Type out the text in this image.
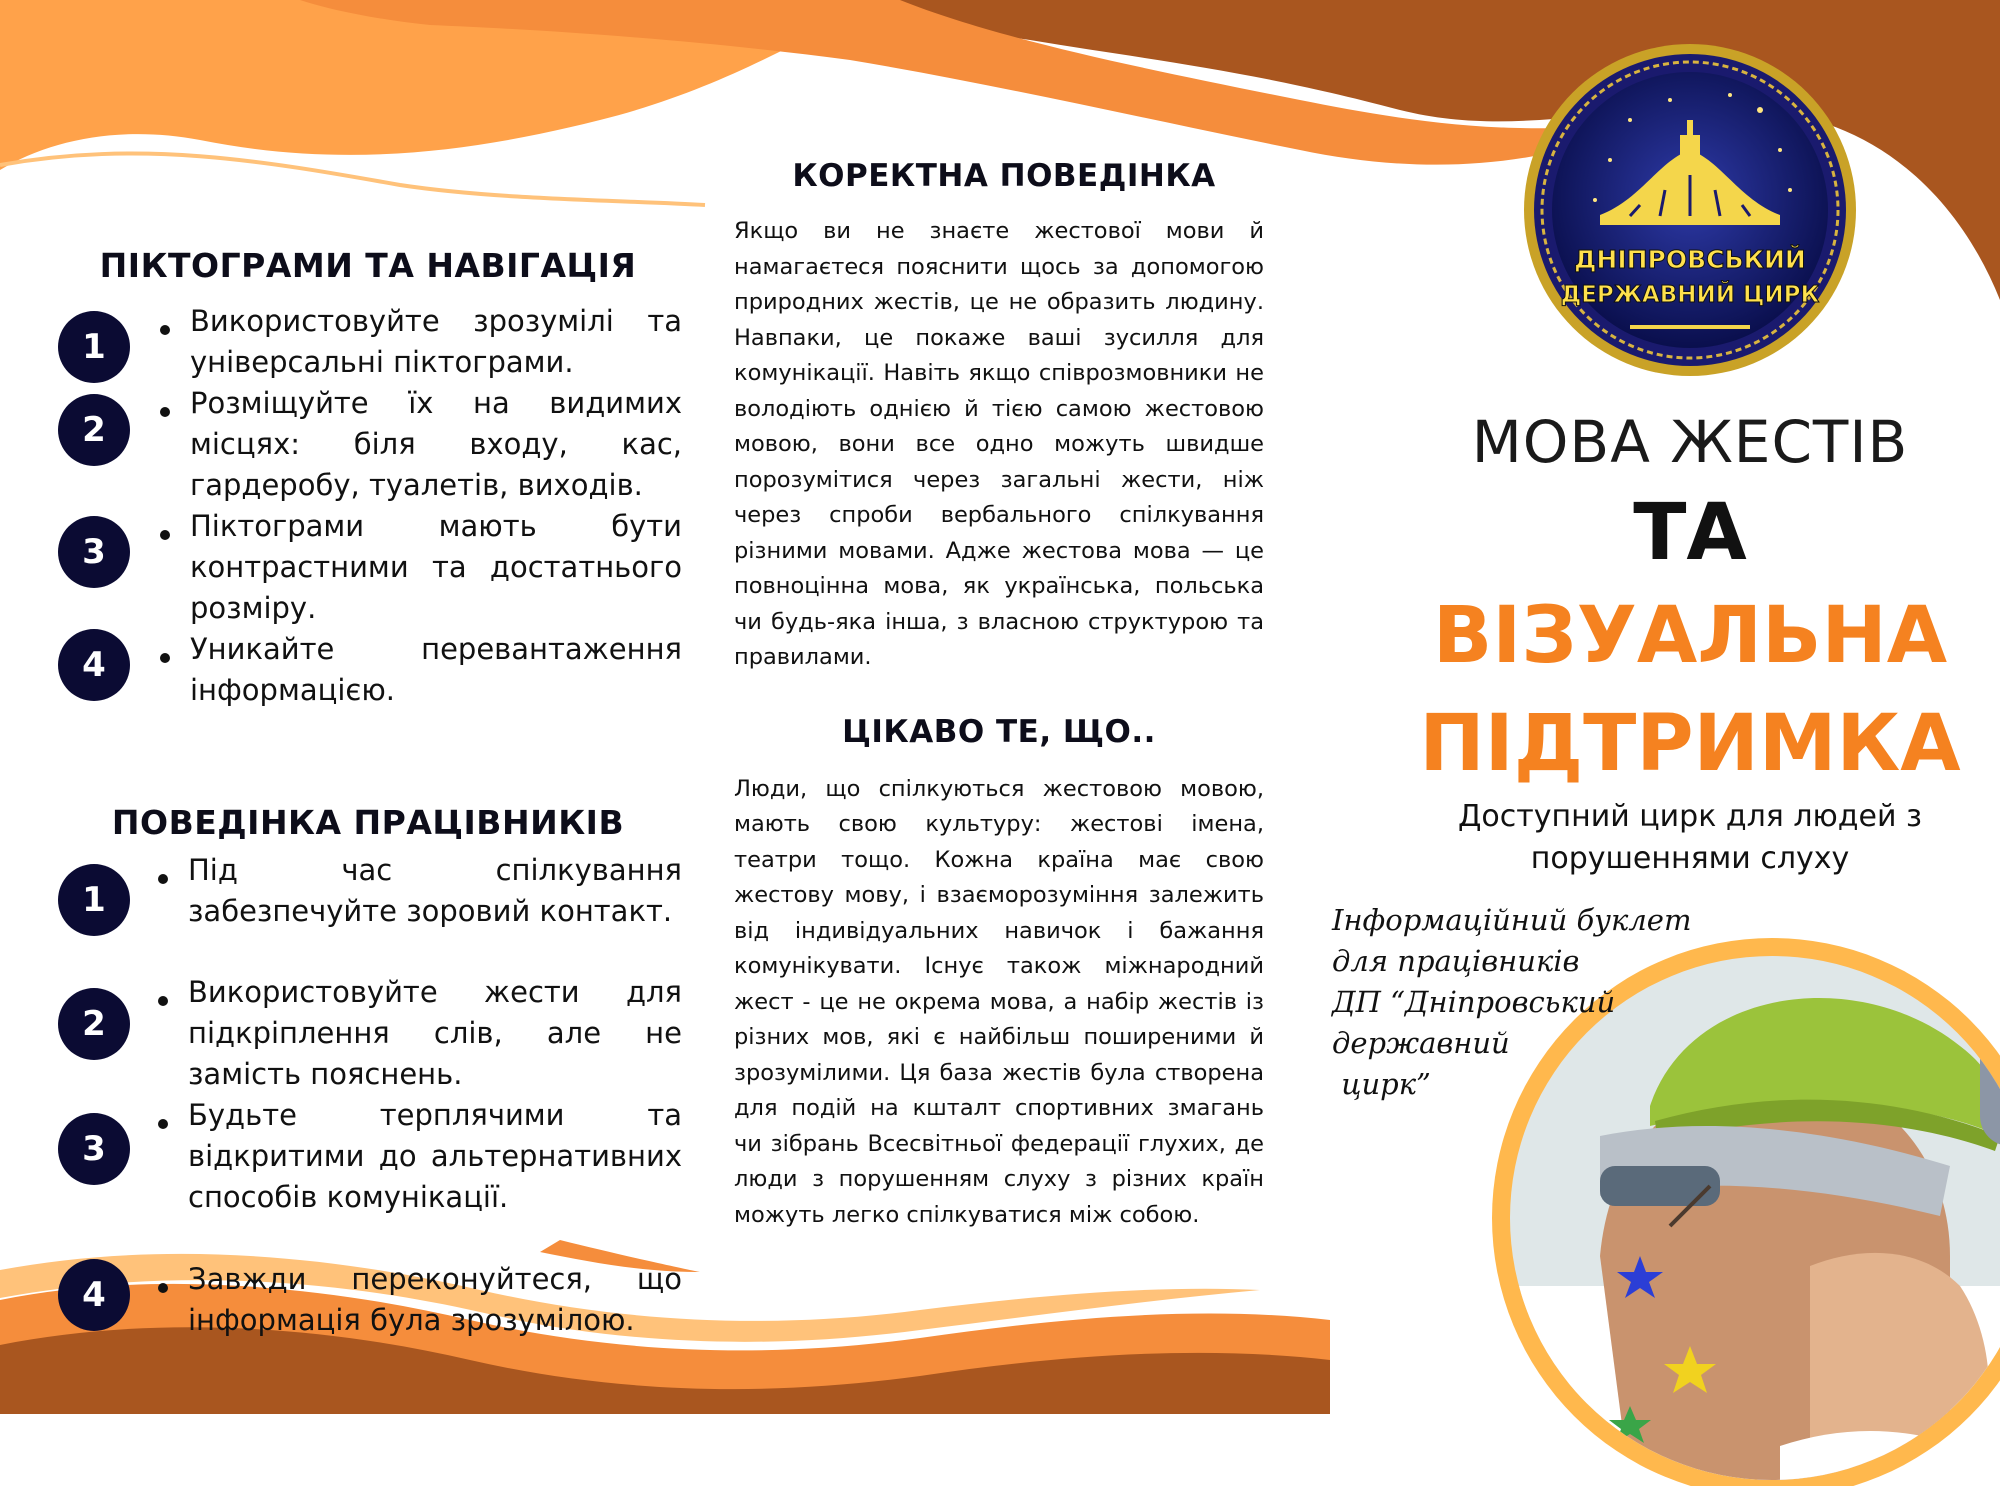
ДНІПРОВСЬКИЙ
ДЕРЖАВНИЙ ЦИРК
ПІКТОГРАМИ ТА НАВІГАЦІЯ
1
Використовуйте зрозумілі та універсальні піктограми.
2
Розміщуйте їх на видимих місцях: біля входу, кас, гардеробу, туалетів, виходів.
3
Піктограми мають бути контрастними та достатнього розміру.
4	Уникайте перевантаження інформацією.
ПОВЕДІНКА ПРАЦІВНИКІВ
1
Під час спілкування забезпечуйте зоровий контакт.
2
Використовуйте жести для підкріплення слів, але не замість пояснень.
3
Будьте терплячими та відкритими до альтернативних способів комунікації.
4	Завжди переконуйтеся, що інформація була зрозумілою.
КОРЕКТНА ПОВЕДІНКА

Якщо ви не знаєте жестової мови й намагаєтеся пояснити щось за допомогою природних жестів, це не образить людину. Навпаки, це покаже ваші зусилля для комунікації. Навіть якщо співрозмовники не володіють однією й тією самою жестовою мовою, вони все одно можуть швидше порозумітися через загальні жести, ніж через спроби вербального спілкування різними мовами. Адже жестова мова — це повноцінна мова, як українська, польська чи будь-яка інша, з власною структурою та правилами.

ЦІКАВО ТЕ, ЩО..

Люди, що спілкуються жестовою мовою, мають свою культуру: жестові імена, театри тощо. Кожна країна має свою жестову мову, і взаєморозуміння залежить від індивідуальних навичок і бажання комунікувати. Існує також міжнародний жест - це не окрема мова, а набір жестів із різних мов, які є найбільш поширеними й зрозумілими. Ця база жестів була створена для подій на кшталт спортивних змагань чи зібрань Всесвітньої федерації глухих, де люди з порушенням слуху з різних країн можуть легко спілкуватися між собою.

МОВА ЖЕСТІВ
ТА
ВІЗУАЛЬНА ПІДТРИМКА
Доступний цирк для людей з порушеннями слуху
Інформаційний буклет
для працівників
ДП “Дніпровський
державний
цирк”
